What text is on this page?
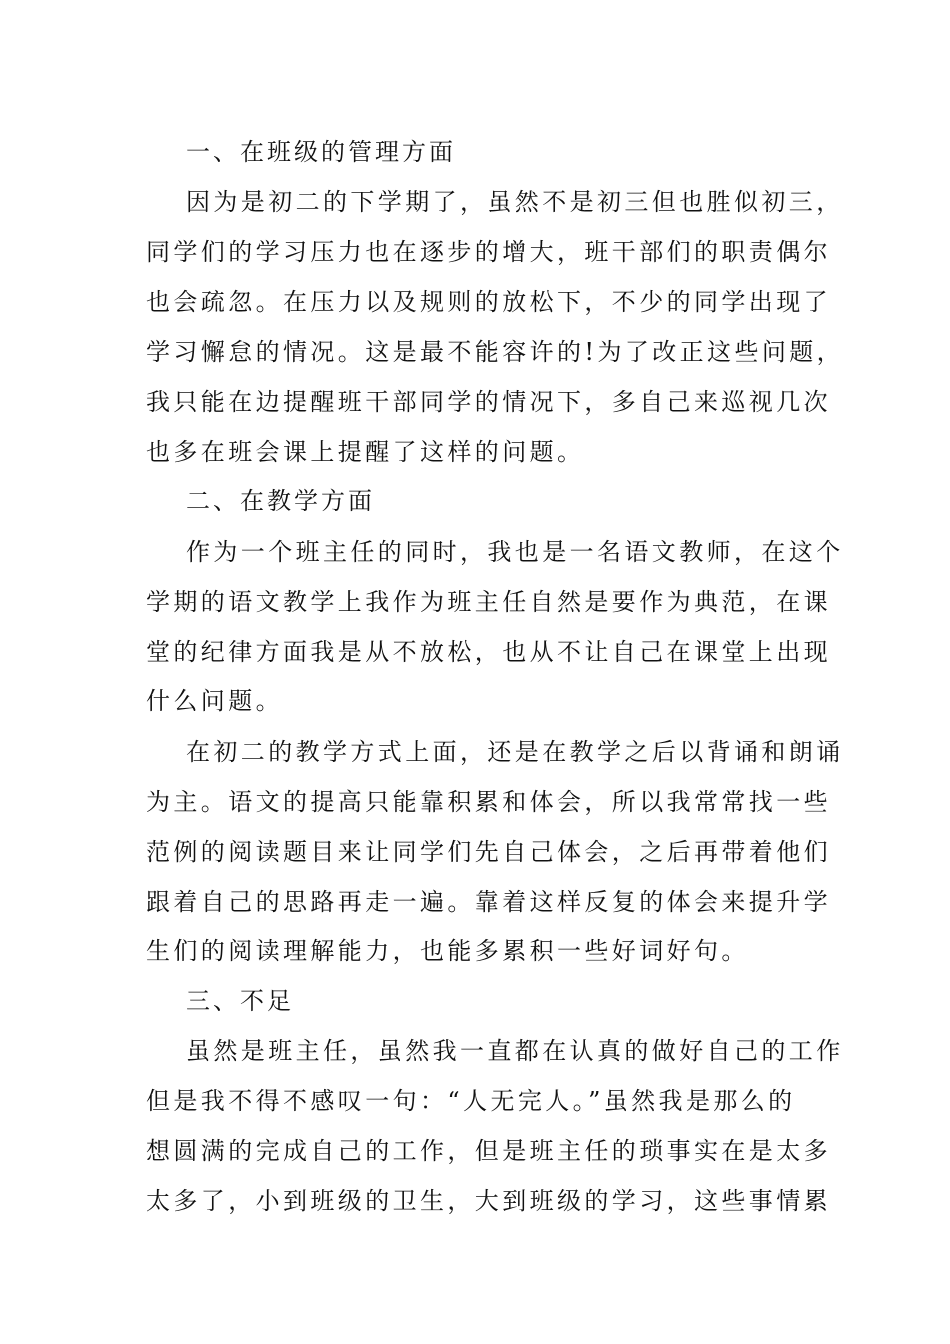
一、在班级的管理方面
因为是初二的下学期了，虽然不是初三但也胜似初三，
同学们的学习压力也在逐步的增大，班干部们的职责偶尔
也会疏忽。在压力以及规则的放松下，不少的同学出现了
学习懈怠的情况。这是最不能容许的!为了改正这些问题，
我只能在边提醒班干部同学的情况下，多自己来巡视几次
也多在班会课上提醒了这样的问题。
二、在教学方面
作为一个班主任的同时，我也是一名语文教师，在这个
学期的语文教学上我作为班主任自然是要作为典范，在课
堂的纪律方面我是从不放松，也从不让自己在课堂上出现
什么问题。
在初二的教学方式上面，还是在教学之后以背诵和朗诵
为主。语文的提高只能靠积累和体会，所以我常常找一些
范例的阅读题目来让同学们先自己体会，之后再带着他们
跟着自己的思路再走一遍。靠着这样反复的体会来提升学
生们的阅读理解能力，也能多累积一些好词好句。
三、不足
虽然是班主任，虽然我一直都在认真的做好自己的工作
但是我不得不感叹一句：“人无完人。”虽然我是那么的
想圆满的完成自己的工作，但是班主任的琐事实在是太多
太多了，小到班级的卫生，大到班级的学习，这些事情累
